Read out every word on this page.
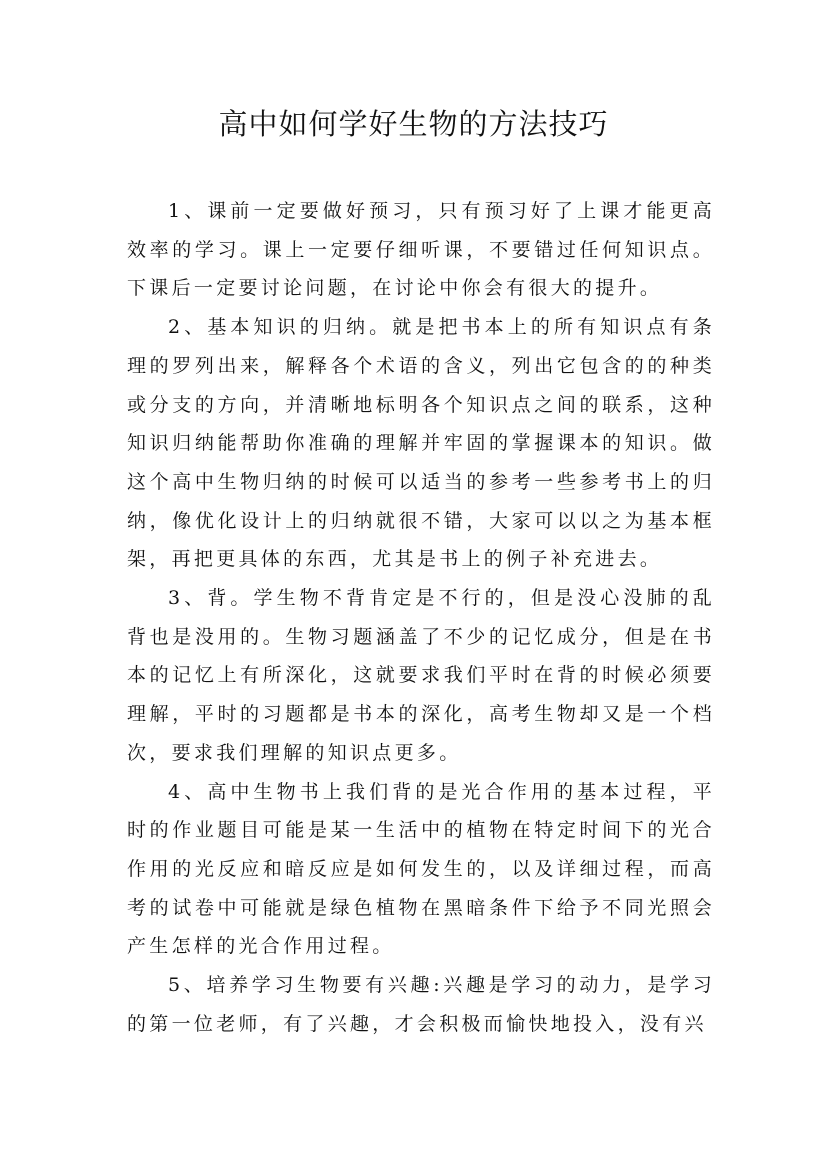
高中如何学好生物的方法技巧

1、课前一定要做好预习，只有预习好了上课才能更高效率的学习。课上一定要仔细听课，不要错过任何知识点。下课后一定要讨论问题，在讨论中你会有很大的提升。

2、基本知识的归纳。就是把书本上的所有知识点有条理的罗列出来，解释各个术语的含义，列出它包含的的种类或分支的方向，并清晰地标明各个知识点之间的联系，这种知识归纳能帮助你准确的理解并牢固的掌握课本的知识。做这个高中生物归纳的时候可以适当的参考一些参考书上的归纳，像优化设计上的归纳就很不错，大家可以以之为基本框架，再把更具体的东西，尤其是书上的例子补充进去。

3、背。学生物不背肯定是不行的，但是没心没肺的乱背也是没用的。生物习题涵盖了不少的记忆成分，但是在书本的记忆上有所深化，这就要求我们平时在背的时候必须要理解，平时的习题都是书本的深化，高考生物却又是一个档次，要求我们理解的知识点更多。

4、高中生物书上我们背的是光合作用的基本过程，平时的作业题目可能是某一生活中的植物在特定时间下的光合作用的光反应和暗反应是如何发生的，以及详细过程，而高考的试卷中可能就是绿色植物在黑暗条件下给予不同光照会产生怎样的光合作用过程。

5、培养学习生物要有兴趣:兴趣是学习的动力，是学习的第一位老师，有了兴趣，才会积极而愉快地投入，没有兴
